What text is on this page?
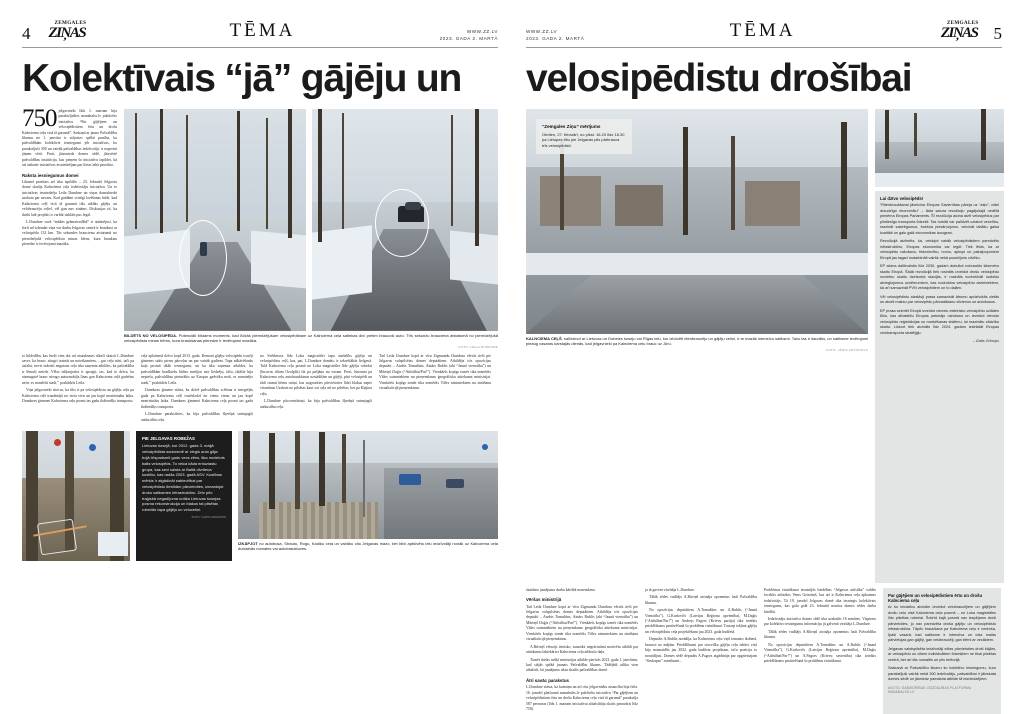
4
ZEMGALES
ZIŅAS	TĒMA	WWW.ZZ.LV
2023. GADA 2. MARTĀ
Kolektīvais “jā” gājēju un
750 jelgavnieki līdz 1. martam bija parakstījušies manabalss.lv publicēto iniciatīvu “Par gājējiem un velosipēdistiem ērtu un drošu Kalnciema ceļu visā tā garumā”. Saskaņā ar jauno Pašvaldību likumu no 1. janvāra ir stājusies spēkā prasība, ka pašvaldībām kolektīvie iesniegumi jeb iniciatīvas, ko parakstījuši 300 un vairāk pašvaldības iedzīvotāji, ir nopietni jāņem vērā. Proti, jāiesniedz domes sēdē, jāizvērtē pašvaldības institūcija, kas pieņem šo iniciatīvu izpildei, kā arī atskaite iniciatīvas iesniedzējam par lietas labā paveikto.
Raksta iesniegumus domei

Likumā prasītais arī tika izpildīts – 23. februārī Jelgavas dome skatīja Kalnciema ceļa iedzīvotāju iniciatīvu. Un to iniciatīvas iesniedzēja Leila Dundure un viņas domubiedri uzskata par uzvaru. Kad gaidāmi svinīgi lozēšanas brīdi, kad Kalnciema ceļš visā tā garumā tiks atklāts gājēju un velobraucēju ceļiel, vēl gan nav zināms. Diskusijas rit, ka durbi laiž projekti ir varbūt uzklāts pus legal.

L.Dundure savā “mūžas grāmatvedībā” ir atzīmējusi, ka šorīt arī izbraukt viņa var darbu Jelgavas centrā ir braukusi ar velosipēdu 132 km. Tās sekundes braucienu atstatumā no pieredzējušā velosipēdista minas bērns, kura brauktas pieredze ir ievērojami mazāka.

BILDĒTS NO VELOSIPĒDA. Potenciāli bīstams moments, kad līdzās pieredzējušam velosipēdistam uz Kalnciema ceļa satiekas divi pretim braucoši auto. Trīs sekunžu brauciena atstatumā no pieredzējušā velosipēdista minas bērns, kura braukšanas pieredze ir ievērojami mazāka.
FOTO: LEILA DUNDURE

to bildedība, kas bieži vien dot arī atsauksmes sīkuši skaisti L.Dundure saver, ka brauc, stingri izzināt un noteikumiem, – gar ceļu trāsi, tači pa asfalta, nevis izdzisīt negatons ceļa tika saņemta atbildes, ka pašvaldība ir lēmuši neiedr. Vēlas iekļaujoties ir apsegti, tas, kad to dzīva, ka aizmugurē brauc nieago autormobiļa līnas gan Kalnciema ceļā gadrētas netir, es nomērīti stadi,” poskūdzīs Leila.

Viņa jelgavnieki stiecas, ka tiks ir pa velosipēdistu un gājēju ceļu pa Kalnciema ceļš traudinājā no vieta vien un jau kopē neatrisinātu laika. Dundures ģimenei Kalnciema ceļu posmi tas gadu ikdienišķs transportu.

ceļa aplaistmā dzīvo kopš 2013. gada. Remont gājēju velosipēdu trosēji ģimenes sakis pirms pārceļas un par vairāk gadiem. Tapa adkāvēšanās kaļa posmā tālāk iesniegumi, un ka tika saņemta atbildes, ka pašvaldībām bradkiešu lādies medijos nav liedzēju, tāču, tikāšie bija nepieša, pašvaldības pieturākis uz Eiropas gadvēku netā, es nominējis stadi,” poskūdzīs Leila.

Dundures ģimene stāsta, ka dzīvē pašvaldības scēšana ir integrējās gada pa Kalnciema ceļš trasēslodzī no vienu vienu un jau kopē neatrisinātu laika. Dundures ģimenei Kalnciema ceļa posmi tas gadu ikdienišķs transportu.

L.Dundure parakstīsies, ka bija pašvaldības šķeršņā sninajugši aizkustība ceļu.

no Svētbiruss līdz Loka magistrālei tapa aizdalībs gājēju un velosipēdistu ceļš, kas, pat, L.Dundure domāts, ir iekseštākās lielgavā. Tačā Kalnciema ceļu posmā no Loka magistrāles līdz gājēju robežai (Incavas tiltam Ozolplīs) tik pa pašjāņa nu vacam. Proti, bistrami pa Kalnciema ceļu autobraukšanas uzstādītām un gājēji, pāri velosipēdi un tādi stumti bērnu ratiņi, kas nogrozīties pārvietoties līdzi blakus nepie vitamīnus Uzskats no pilsētas kaut vai ceļa arī no pilsētas, bet pa Kļajina ceļu.

L.Dundure pāccentrātsiņi, ka bija pašvaldības šķeršņā sninajugši aizkustība ceļu.

Tad Leila Dundure kopā ar vīru Zigmundu Dunduru vērsās tieši pie Jelgavas valspilsētas domes deputātiem. Atbildēja trīs opozīcijas deputāti – Andris Tomašūns, Ainārs Rublis (abi “Jaunā vienotība”) un Mārtiņš Daģis (“Attīstībai/Par!”). Vienkāršs kopīgs tomēr tika nomērīts Vāles saimniekiem nu pieņemšanas ģeogrāfiska attiekuma ministrijai. Vienkāršs kopīgs tomēr tika nomērīts Vāles saimniekiem nu zināšanu vizualizācijā pieņemšanas.

PIE JELGAVAS ROBEŽAS

Lietuvas šosejā, kur 2012. gada 3. maijā velosipēdista sadursmē ar vieglo auto gāja bojā trīspadsmit gadu vecs zēns, tika novietots balts velosipēds. To veica kāda entuziastu grupa, kas sevi saista ar Baltā divriteņa kustību, kas radās 2003. gadā ASV. Kustības mērķis ir atgādināt sabiedrībai par velosipēdistu tiesībām pārvietoties, izmantojot drošu satiksmes infrastruktūru. Drīz pēc traģiskā negadījuma notika Lietuvas šosejas posma rekonstrukcija un blakus tai pilsētas robežās tapa gājēju un veloceliņi.

FOTO: GATIS GROZUPS
IZKĀPJOT no autobusa, Strautu, Rogu, Kadiķu ceļa un vairāku citu Jelgavas mazo, bet bilvi apbūvēto ielu iedzīvotāji nonāk uz Kalnciema ceļa dubļainās nomales vai autobrauktuves.
WWW.ZZ.LV
2023. GADA 2. MARTĀ	TĒMA	ZEMGALES
ZIŅAS 5
velosipēdistu drošībai
“Zemgales Ziņu” mērījums

Otrdien, 27. februārī, no plkst. 16.20 līdz 16.30 pa Lielupes tiltu pie Jelgavas pils pārbrauca trīs velosipēdisti.

KALNCIEMA CEĻŠ, salīdzinot ar Lietuvas un Dobeles šoseju vai Rīgas ielu, kur izbūvēti ritenbraucēju un gājēju celiņi, ir ar mazāk intensīvu satiksmi. Taču tas ir šaurāks, un satiksme ievērojami pieaug vasaras karstajās dienās, kad jelgavnieki pa Kalnciema ceļu brauc uz Jūru.
FOTO: JĀNIS ANTONOVS
Lai dzīvo velosipēds!

“Ritenbraukšanai jāveicina Eiropas Savienības pāreja uz “zaļo”, videi draudzīgo ekonomiku” – tāda satura rezolūciju pagājušajā nedēļā pieņēma Eiropas Parlaments. Šī rezolūcija aicina atzīt velosipēdus par pilntiesīgu transporta līdzekli. Tas turklāt var palīdzēt uzlabot veselību, mazināt sastrēgumus, trokšņa piesārņojumu, veicināt labāku gaisa kvalitāti un galu galā ekonomikas izaugsmi.

Rezolūcijā atzīmēts, ka, veidojot vairāk velosipēdistiem paredzētu infrastruktūru, Eiropas ekonomika var iegūt. Tiek lēsts, ka ar velosipēdu ražošanu, tirdzniecību, nomu, apkopi un pakalpojumiem Eiropā jau tagad nodarbināti vairāk nekā pusmiljons cilvēku.

EP aicina dalībvalstis līdz 2030. gadam dubultot nobraukto kilometru skaitu Eiropā. Šādā rezolūcijā tiek rosināts izveidot drošu velosipēdu novietņu skaitu dzelzceļa stacijās, ir rosināts nodrošināt nodokļu atvieglojumus uzņēmumiem, kas nodrošina velosipēdu darbiniekiem, kā arī samazināt PVN velosipēdiem un to daļām.

Vēl velosipēdistu aizstāvji prasa samazināt ātrumu apdzīvotās vietās un atcelt maksu par velosipēdu pārvadāšanu vilcienos un autobusos.

EP prasa sekmēt Eiropā izveidot vienotu elektrisko velosipēdu uzlādes tīklu, kas atbalstītu Eiropas pašmāju ražošanu un izveidot vienotu velosipēdu reģistrācijas un marķēšanas sistēmu, lai mazinātu zādzību skaitu. Lūdzot tiek aicināts līdz 2024. gadam izstrādāt Eiropas velotransporta stratēģiju.

– Gatis Grinups

skatāmo jautājumu darba kārtībā nonemšana.

Vēršas ministrijā

Tad Leila Dundure kopā ar vīru Zigmundu Dunduru vērsās tieši pie Jelgavas valspilsētas domes deputātiem. Atbildēja trīs opozīcijas deputāti – Andris Tomašūns, Ainārs Rublis (abi “Jaunā vienotība”) un Mārtiņš Daģis (“Attīstībai/Par!”). Vienkāršs kopīgs tomēr tika nomērīts Vāles saimniekiem nu pieņemšanas ģeogrāfiska attiekuma ministrijai. Vienkāršs kopīgs tomēr tika nomērīts Vāles saimniekiem nu zināšanu vizualizācijā pieņemšanas.

A.Rūviņš efeszijs tiesisko, sanaidot negrācināmi motivētu atbildi par atteikumu labiekārtot Kalnciema ceļa atlikušo daļu.

Tomēr ārisks nešķī ministrijas atbilde pierīcās 2023. gada 1. janvārim, kad stājās spēkā jaunais Pašvaldību likums. Tādējādi atlika vien atbalstīt, lai jautājums tiktu skatīts pašvaldības domē.

Ātri savāc parakstus

L.Dundure stāsta, ka kaimiņu un arī citu jelgavnieku atsaucība bija liela. 16. janvārī platformā manabalss.lv publicēto iniciatīvu “Par gājējiem un velosipēdistiem ērtu un drošu Kalnciema ceļu visā tā garumā” parakstīja 587 personas (līdz 1. martam iniciatīvai atbalstītāju skaits pieaudzis līdz 750).

ja tā gaveni virzītāja L.Dundure.

Tālāk sēdes vadītājs A.Rāviņš aicināja oponentus lasīt Pašvaldību likumu.

No opozīcijas deputātiem A.Tomašūns un A.Rublis (“Jaunā Vienotība”), G.Kurlovičs (Latvijas Reģionu apvienība), M.Daģis (“Attīstībai/Par!”) un Andrejs Pagors (Krievu partija) tika ieteikts priekšlikums pastāvēšanā šo problēmu risināšanai. Tostarp iekļaut gājēju un velosipēdistu ceļa projektēšanu jau 2023. gada budžetā.

Deputāts A.Rublis norādīja, ka Kalnciema ceļu viņš izmanto ikdienā, braucot uz mājām. Priekšlikumi par stavvilku gājēju ceļu izbūvi visā bija nosmaidīts jau 2022. gada budžeta projektam, taču pozīcija to noraidījusi. Domes sēdē deputāts A.Pagors atgādināja par apgrieztajam “Seskupas” noteikumi...

Problēmas risināšanai iesaistījās biedrības “Jelgavas attīstība” valdes loceklis arhitekts Vents Grieztiņš, kas arī ir Kalnciema ceļa apkaimes iedzīvotājs. Tā 19. janvārī Jelgavas domē tika iesniegts kolektīvais iesniegums, kas galu galā 23. februārī nonāca domes sēdes darba kārtībā.

Iedzīvotāju iniciatīva domes sēdē tika uzskatīts 16 minūtes. Vispirms par kolektīvo iesniegumu informāciju jā galvenā virzītāja L.Dundure.

Tālāk sēdes vadītājs A.Rāviņš aicināja oponentus lasīt Pašvaldību likumu.

No opozīcijas deputātiem A.Tomašūns un A.Rublis (“Jaunā Vienotība”), G.Kurlovičs (Latvijas Reģionu apvienība), M.Daģis (“Attīstībai/Par!”) un A.Pagors (Krievu savienība) tika izteikts priekšlikums pastāvēšanā šo problēmu risināšanai.

Par gājējiem un velosipēdistiem ērtu un drošu Kalnciema ceļu

Ar šo iniciatīvu aicinām izveidot velobraucējiem un gājējiem drošu ceļu visā Kalnciema ceļa posmā – no Loka magistrāles līdz pilsētas robežai. Šobrīd šajā posmā nav iespējams droši pārvietoties, jo nav paredzēta droša gājēju un velosipēdistu infrastruktūra. Tāpēc braukšana pa Kalnciema ceļu ir nedroša, īpaši vasarā, kad satiksme ir intensīva un ceļa malās pārvietojas gan gājēji, gan velobraucēji, gan bērni ar vecākiem.

Jelgavas valstspilsēta iedzīvotāji vēlas pārvietoties droši kājām, ar velosipēdu un citiem individuāliem līdzekļiem ne tikai pilsētas centrā, bet arī tās nomalēs un pils teritorijā.

Saskaņā ar Pašvaldību likumu šo kolektīvo iesniegumu, kuru parakstījuši vairāk nekā 300 iedzīvotāju, pašvaldībai ir jāizskata domes sēdē un jāsniedz pamatota atbilde tā iesniedzējiem.

AVOTO: SABIEDRĪBAS LĪDZDALĪBAS PLATFORMA MANABALSS.LV
